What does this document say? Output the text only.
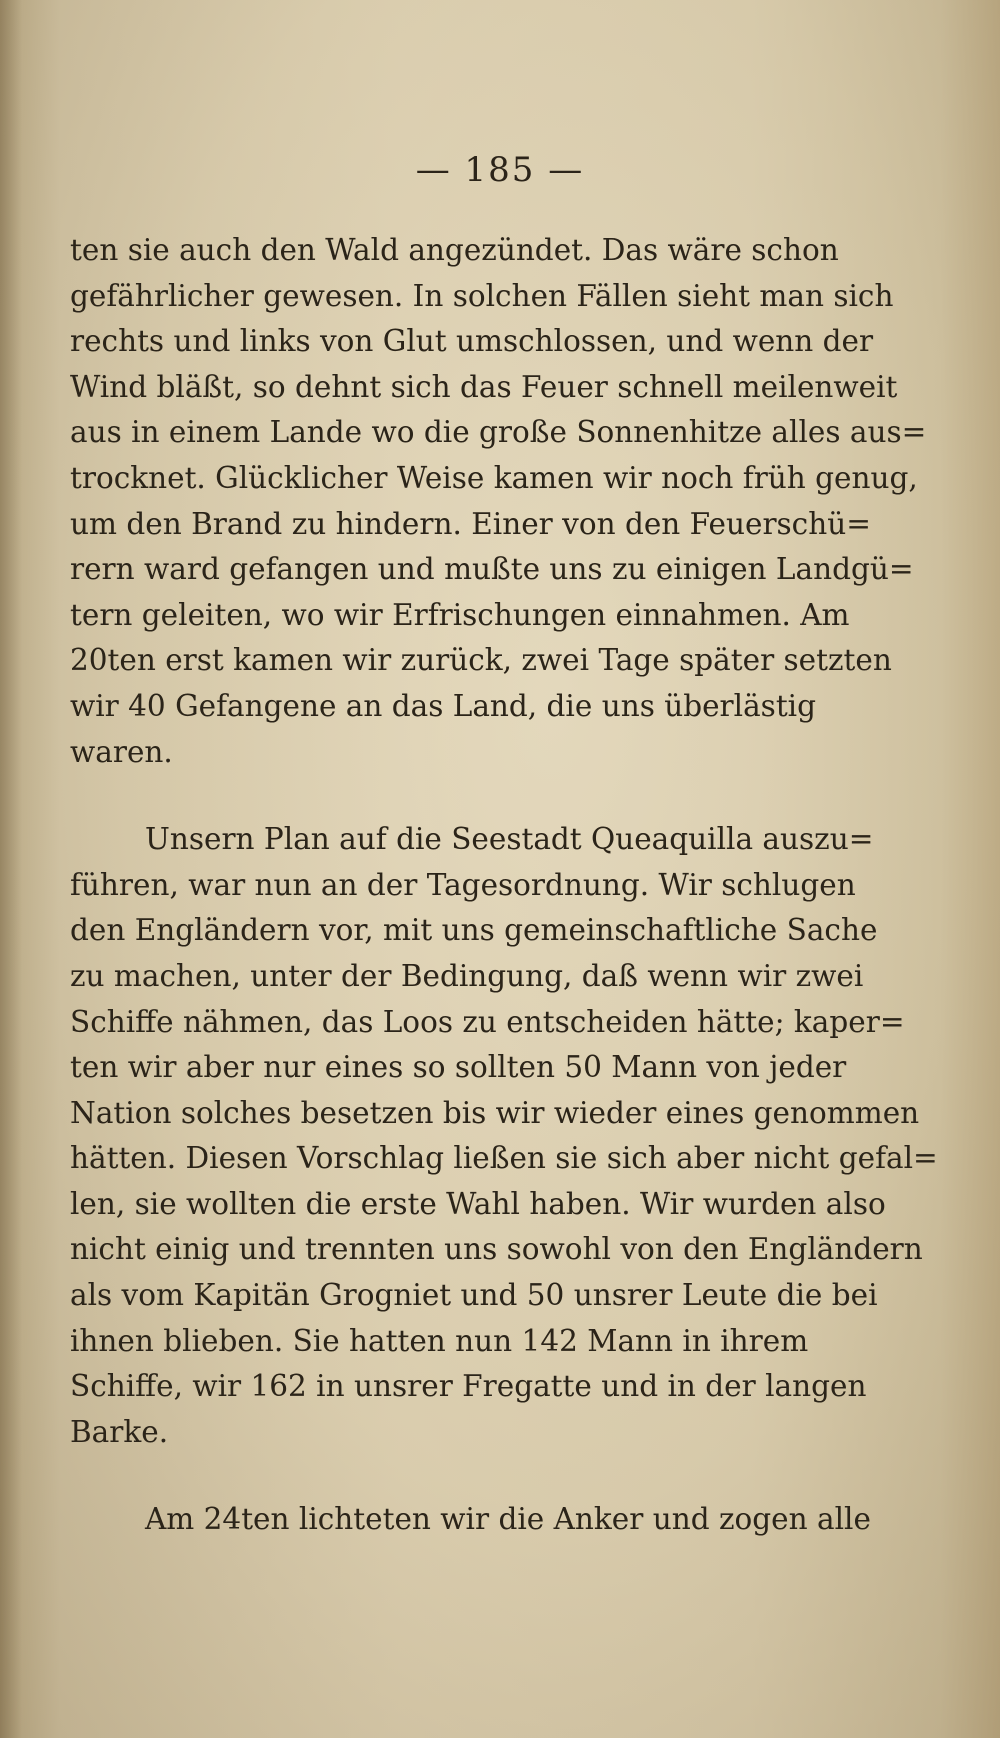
— 185 —
ten sie auch den Wald angezündet. Das wäre schon
gefährlicher gewesen. In solchen Fällen sieht man sich
rechts und links von Glut umschlossen, und wenn der
Wind bläßt, so dehnt sich das Feuer schnell meilenweit
aus in einem Lande wo die große Sonnenhitze alles aus=
trocknet. Glücklicher Weise kamen wir noch früh genug,
um den Brand zu hindern. Einer von den Feuerschü=
rern ward gefangen und mußte uns zu einigen Landgü=
tern geleiten, wo wir Erfrischungen einnahmen. Am
20ten erst kamen wir zurück, zwei Tage später setzten
wir 40 Gefangene an das Land, die uns überlästig
waren.
Unsern Plan auf die Seestadt Queaquilla auszu=
führen, war nun an der Tagesordnung. Wir schlugen
den Engländern vor, mit uns gemeinschaftliche Sache
zu machen, unter der Bedingung, daß wenn wir zwei
Schiffe nähmen, das Loos zu entscheiden hätte; kaper=
ten wir aber nur eines so sollten 50 Mann von jeder
Nation solches besetzen bis wir wieder eines genommen
hätten. Diesen Vorschlag ließen sie sich aber nicht gefal=
len, sie wollten die erste Wahl haben. Wir wurden also
nicht einig und trennten uns sowohl von den Engländern
als vom Kapitän Grogniet und 50 unsrer Leute die bei
ihnen blieben. Sie hatten nun 142 Mann in ihrem
Schiffe, wir 162 in unsrer Fregatte und in der langen
Barke.
Am 24ten lichteten wir die Anker und zogen alle
